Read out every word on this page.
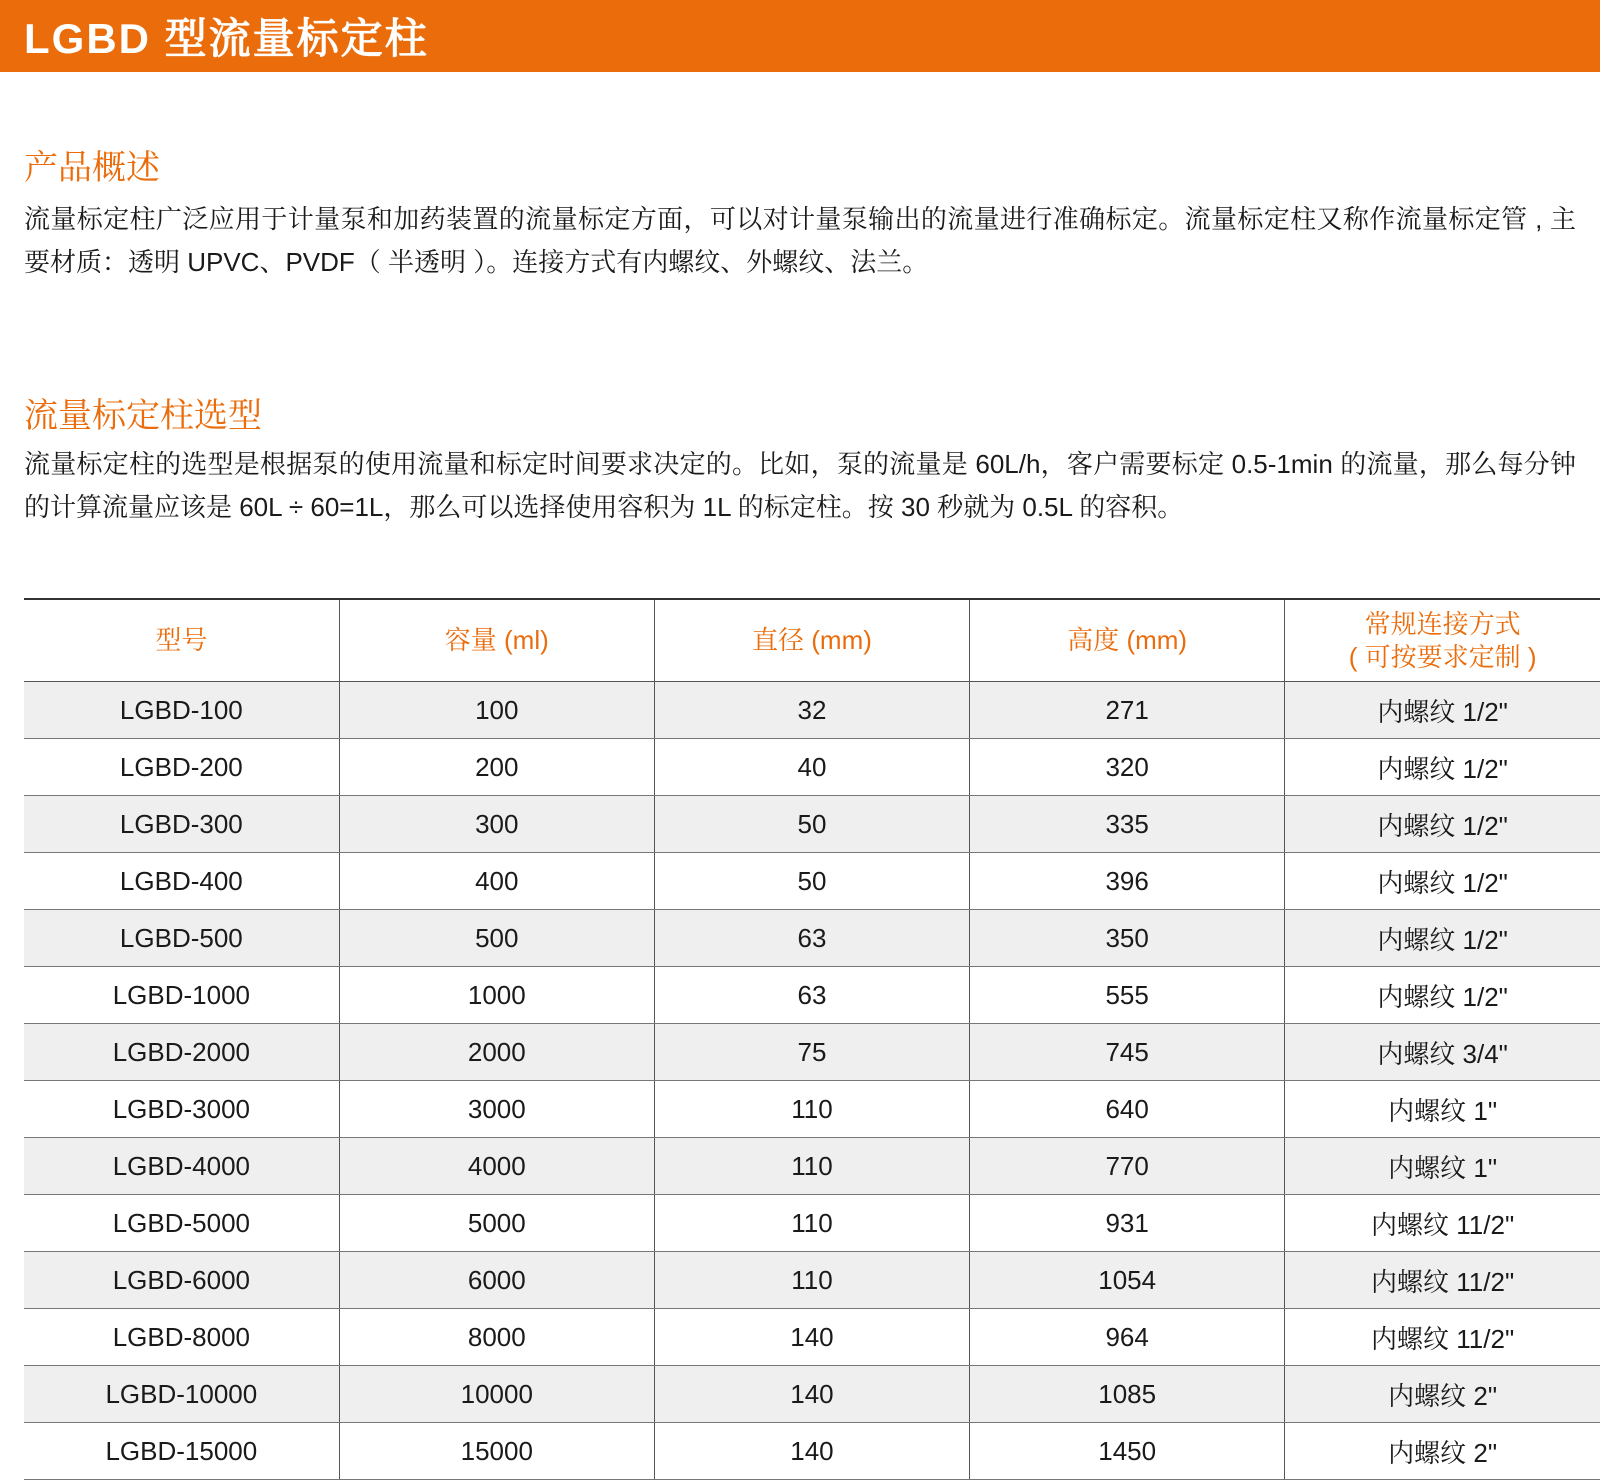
LGBD 型流量标定柱
产品概述

流量标定柱广泛应用于计量泵和加药装置的流量标定方面，可以对计量泵输出的流量进行准确标定。流量标定柱又称作流量标定管 , 主要材质：透明 UPVC、PVDF（ 半透明 ）。连接方式有内螺纹、外螺纹、法兰。

流量标定柱选型

流量标定柱的选型是根据泵的使用流量和标定时间要求决定的。比如，泵的流量是 60L/h，客户需要标定 0.5-1min 的流量，那么每分钟的计算流量应该是 60L ÷ 60=1L，那么可以选择使用容积为 1L 的标定柱。按 30 秒就为 0.5L 的容积。

型号	容量 (ml)	直径 (mm)	高度 (mm)	常规连接方式
( 可按要求定制 )

LGBD-100	100	32	271	内螺纹 1/2"
LGBD-200	200	40	320	内螺纹 1/2"
LGBD-300	300	50	335	内螺纹 1/2"
LGBD-400	400	50	396	内螺纹 1/2"
LGBD-500	500	63	350	内螺纹 1/2"
LGBD-1000	1000	63	555	内螺纹 1/2"
LGBD-2000	2000	75	745	内螺纹 3/4"
LGBD-3000	3000	110	640	内螺纹 1"
LGBD-4000	4000	110	770	内螺纹 1"
LGBD-5000	5000	110	931	内螺纹 11/2"
LGBD-6000	6000	110	1054	内螺纹 11/2"
LGBD-8000	8000	140	964	内螺纹 11/2"
LGBD-10000	10000	140	1085	内螺纹 2"
LGBD-15000	15000	140	1450	内螺纹 2"
